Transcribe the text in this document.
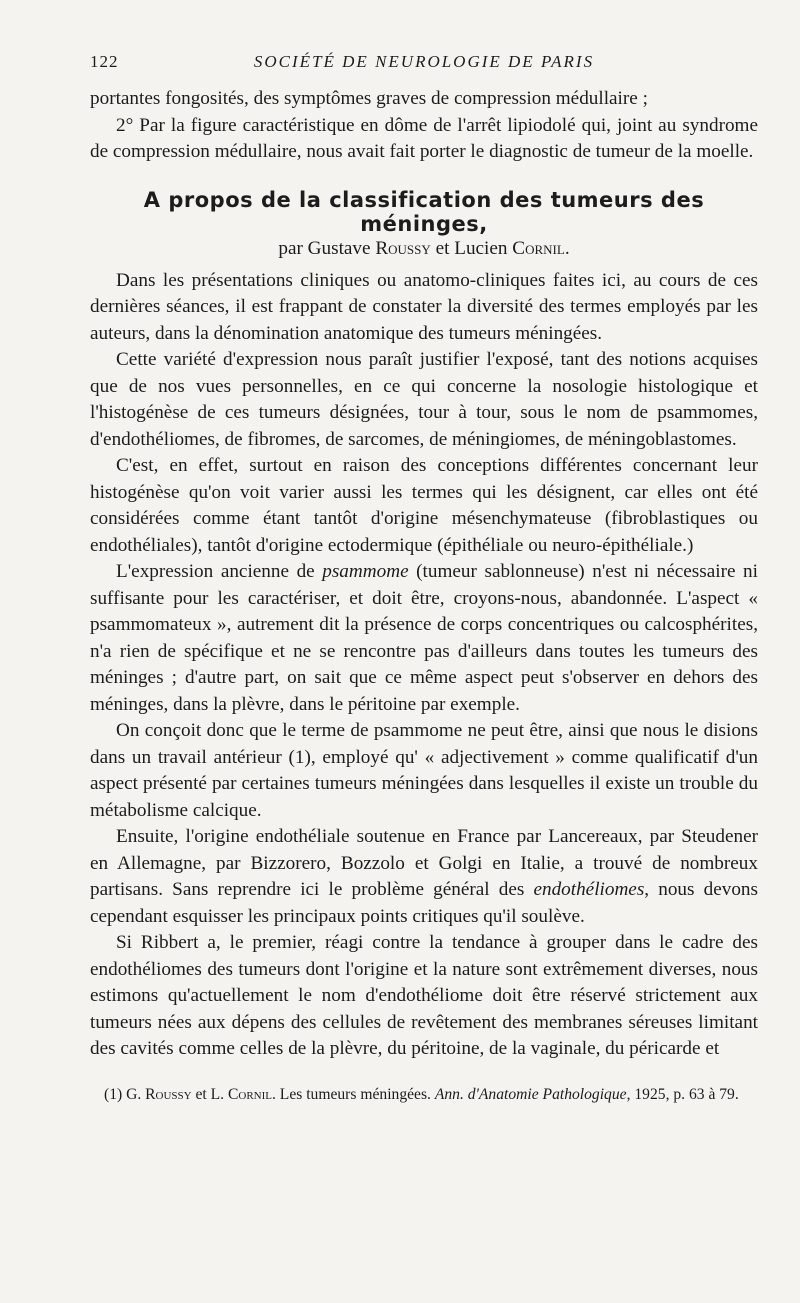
122	SOCIÉTÉ DE NEUROLOGIE DE PARIS

portantes fongosités, des symptômes graves de compression médullaire ;

2° Par la figure caractéristique en dôme de l'arrêt lipiodolé qui, joint au syndrome de compression médullaire, nous avait fait porter le diagnostic de tumeur de la moelle.

A propos de la classification des tumeurs des méninges,
par Gustave Roussy et Lucien Cornil.

Dans les présentations cliniques ou anatomo-cliniques faites ici, au cours de ces dernières séances, il est frappant de constater la diversité des termes employés par les auteurs, dans la dénomination anatomique des tumeurs méningées.

Cette variété d'expression nous paraît justifier l'exposé, tant des notions acquises que de nos vues personnelles, en ce qui concerne la nosologie histologique et l'histogénèse de ces tumeurs désignées, tour à tour, sous le nom de psammomes, d'endothéliomes, de fibromes, de sarcomes, de méningiomes, de méningoblastomes.

C'est, en effet, surtout en raison des conceptions différentes concernant leur histogénèse qu'on voit varier aussi les termes qui les désignent, car elles ont été considérées comme étant tantôt d'origine mésenchymateuse (fibroblastiques ou endothéliales), tantôt d'origine ectodermique (épithéliale ou neuro-épithéliale.)

L'expression ancienne de psammome (tumeur sablonneuse) n'est ni nécessaire ni suffisante pour les caractériser, et doit être, croyons-nous, abandonnée. L'aspect « psammomateux », autrement dit la présence de corps concentriques ou calcosphérites, n'a rien de spécifique et ne se rencontre pas d'ailleurs dans toutes les tumeurs des méninges ; d'autre part, on sait que ce même aspect peut s'observer en dehors des méninges, dans la plèvre, dans le péritoine par exemple.

On conçoit donc que le terme de psammome ne peut être, ainsi que nous le disions dans un travail antérieur (1), employé qu' « adjectivement » comme qualificatif d'un aspect présenté par certaines tumeurs méningées dans lesquelles il existe un trouble du métabolisme calcique.

Ensuite, l'origine endothéliale soutenue en France par Lancereaux, par Steudener en Allemagne, par Bizzorero, Bozzolo et Golgi en Italie, a trouvé de nombreux partisans. Sans reprendre ici le problème général des endothéliomes, nous devons cependant esquisser les principaux points critiques qu'il soulève.

Si Ribbert a, le premier, réagi contre la tendance à grouper dans le cadre des endothéliomes des tumeurs dont l'origine et la nature sont extrêmement diverses, nous estimons qu'actuellement le nom d'endothéliome doit être réservé strictement aux tumeurs nées aux dépens des cellules de revêtement des membranes séreuses limitant des cavités comme celles de la plèvre, du péritoine, de la vaginale, du péricarde et

(1) G. Roussy et L. Cornil. Les tumeurs méningées. Ann. d'Anatomie Pathologique, 1925, p. 63 à 79.
